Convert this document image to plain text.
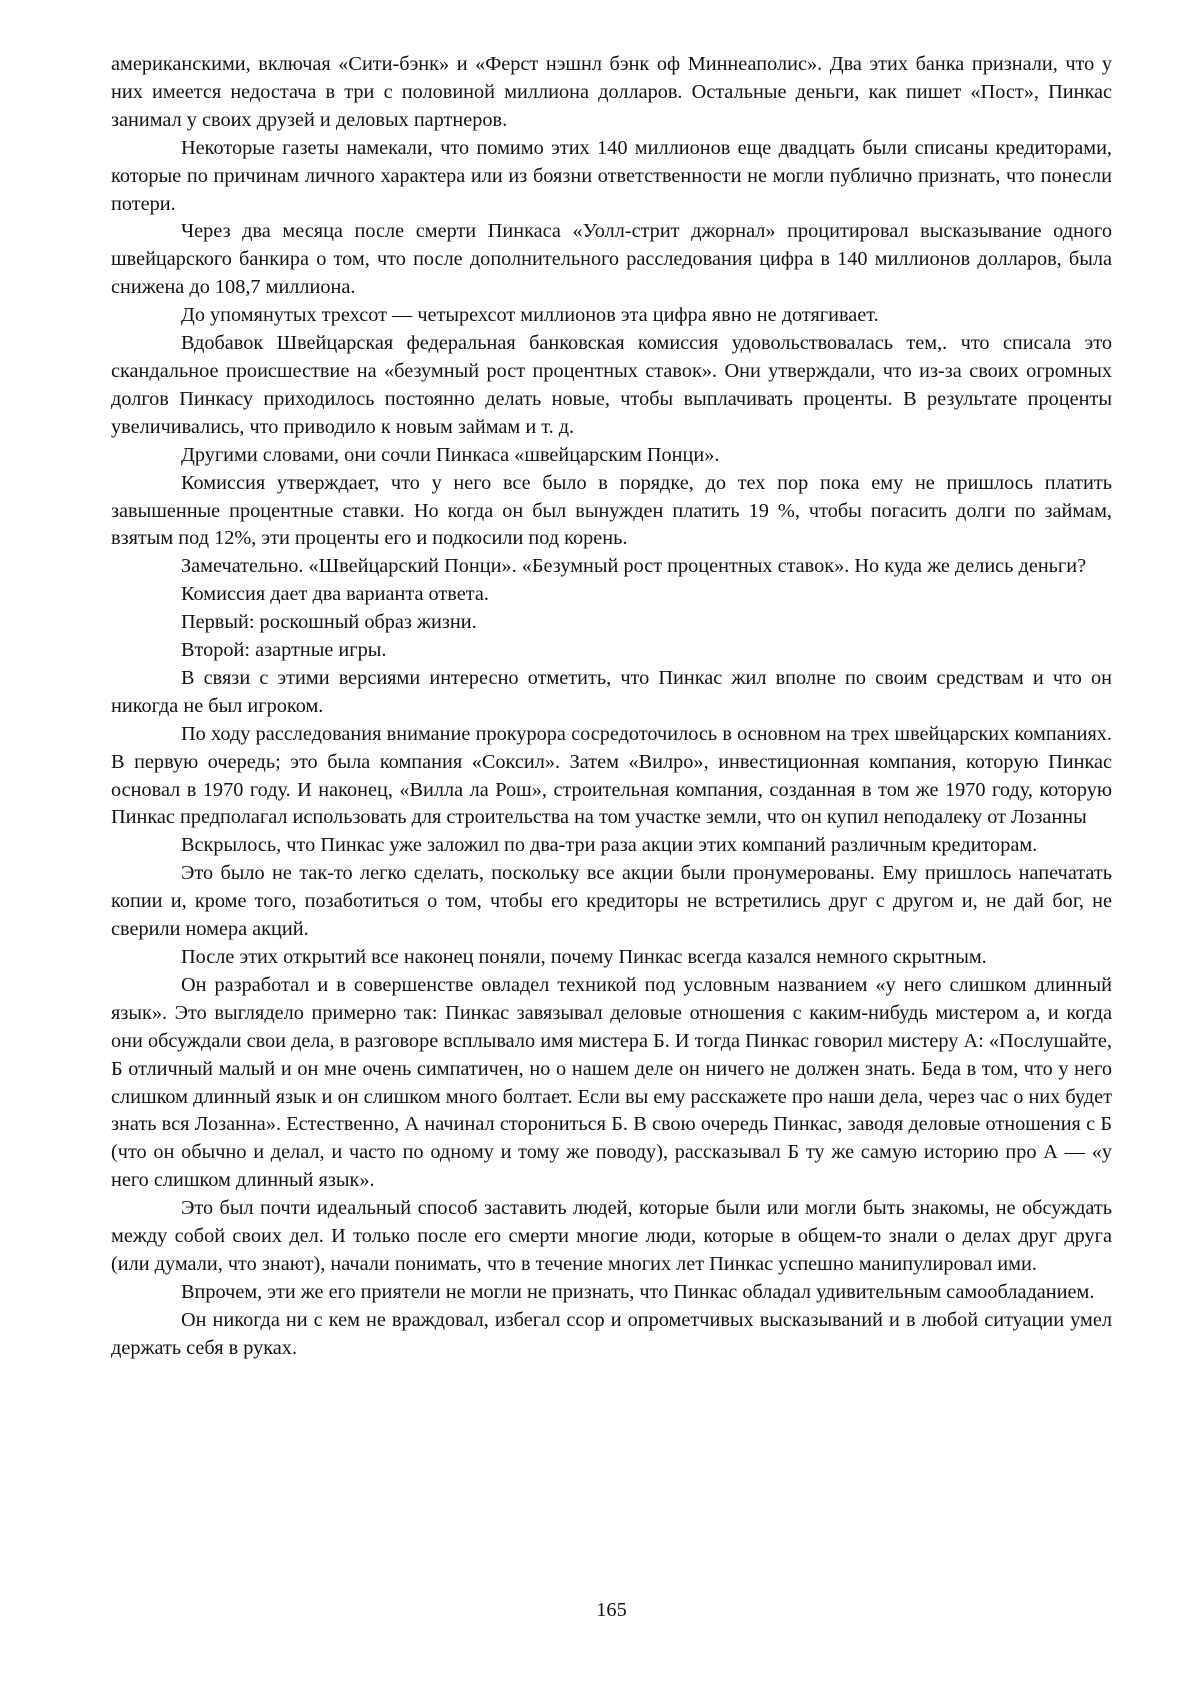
американскими, включая «Сити-бэнк» и «Ферст нэшнл бэнк оф Миннеаполис». Два этих банка признали, что у них имеется недостача в три с половиной миллиона долларов. Остальные деньги, как пишет «Пост», Пинкас занимал у своих друзей и деловых партнеров.

Некоторые газеты намекали, что помимо этих 140 миллионов еще двадцать были списаны кредиторами, которые по причинам личного характера или из боязни ответственности не могли публично признать, что понесли потери.

Через два месяца после смерти Пинкаса «Уолл-стрит джорнал» процитировал высказывание одного швейцарского банкира о том, что после дополнительного расследования цифра в 140 миллионов долларов, была снижена до 108,7 миллиона.

До упомянутых трехсот — четырехсот миллионов эта цифра явно не дотягивает.

Вдобавок Швейцарская федеральная банковская комиссия удовольствовалась тем,. что списала это скандальное происшествие на «безумный рост процентных ставок». Они утверждали, что из-за своих огромных долгов Пинкасу приходилось постоянно делать новые, чтобы выплачивать проценты. В результате проценты увеличивались, что приводило к новым займам и т. д.

Другими словами, они сочли Пинкаса «швейцарским Понци».

Комиссия утверждает, что у него все было в порядке, до тех пор пока ему не пришлось платить завышенные процентные ставки. Но когда он был вынужден платить 19 %, чтобы погасить долги по займам, взятым под 12%, эти проценты его и подкосили под корень.

Замечательно. «Швейцарский Понци». «Безумный рост процентных ставок». Но куда же делись деньги?

Комиссия дает два варианта ответа.

Первый: роскошный образ жизни.

Второй: азартные игры.

В связи с этими версиями интересно отметить, что Пинкас жил вполне по своим средствам и что он никогда не был игроком.

По ходу расследования внимание прокурора сосредоточилось в основном на трех швейцарских компаниях. В первую очередь; это была компания «Соксил». Затем «Вилро», инвестиционная компания, которую Пинкас основал в 1970 году. И наконец, «Вилла ла Рош», строительная компания, созданная в том же 1970 году, которую Пинкас предполагал использовать для строительства на том участке земли, что он купил неподалеку от Лозанны

Вскрылось, что Пинкас уже заложил по два-три раза акции этих компаний различным кредиторам.

Это было не так-то легко сделать, поскольку все акции были пронумерованы. Ему пришлось напечатать копии и, кроме того, позаботиться о том, чтобы его кредиторы не встретились друг с другом и, не дай бог, не сверили номера акций.

После этих открытий все наконец поняли, почему Пинкас всегда казался немного скрытным.

Он разработал и в совершенстве овладел техникой под условным названием «у него слишком длинный язык». Это выглядело примерно так: Пинкас завязывал деловые отношения с каким-нибудь мистером а, и когда они обсуждали свои дела, в разговоре всплывало имя мистера Б. И тогда Пинкас говорил мистеру А: «Послушайте, Б отличный малый и он мне очень симпатичен, но о нашем деле он ничего не должен знать. Беда в том, что у него слишком длинный язык и он слишком много болтает. Если вы ему расскажете про наши дела, через час о них будет знать вся Лозанна». Естественно, А начинал сторониться Б. В свою очередь Пинкас, заводя деловые отношения с Б (что он обычно и делал, и часто по одному и тому же поводу), рассказывал Б ту же самую историю про А — «у него слишком длинный язык».

Это был почти идеальный способ заставить людей, которые были или могли быть знакомы, не обсуждать между собой своих дел. И только после его смерти многие люди, которые в общем-то знали о делах друг друга (или думали, что знают), начали понимать, что в течение многих лет Пинкас успешно манипулировал ими.

Впрочем, эти же его приятели не могли не признать, что Пинкас обладал удивительным самообладанием.

Он никогда ни с кем не враждовал, избегал ссор и опрометчивых высказываний и в любой ситуации умел держать себя в руках.

165
